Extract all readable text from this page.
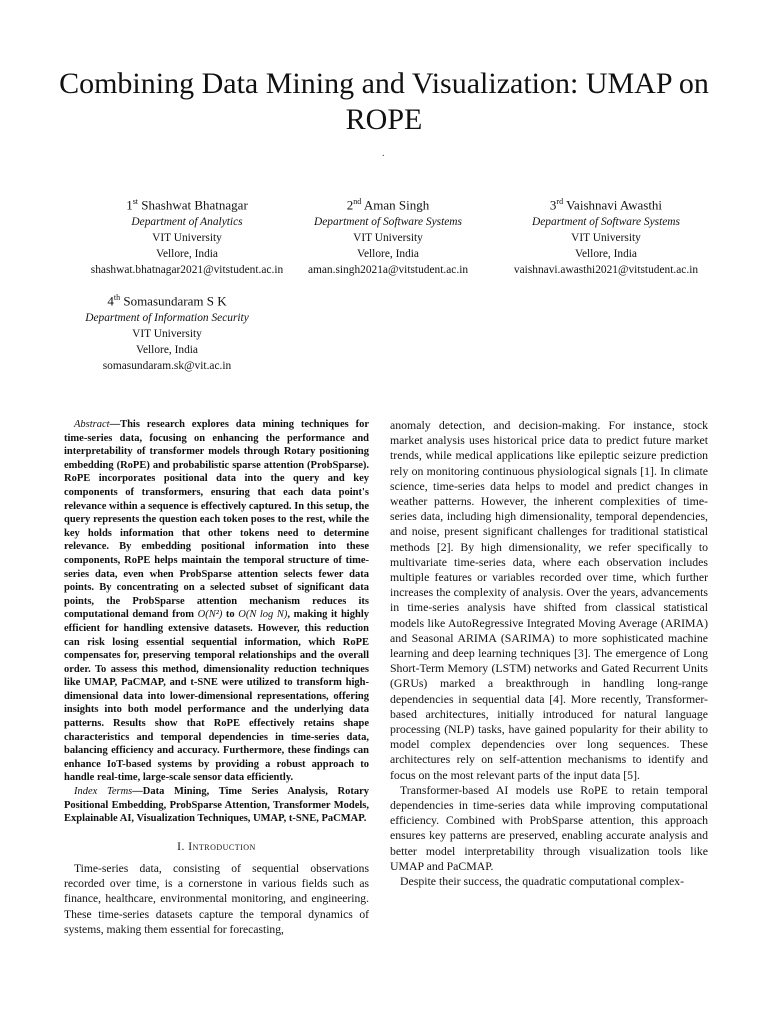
Combining Data Mining and Visualization: UMAP on ROPE
.
1st Shashwat Bhatnagar
Department of Analytics
VIT University
Vellore, India
shashwat.bhatnagar2021@vitstudent.ac.in
2nd Aman Singh
Department of Software Systems
VIT University
Vellore, India
aman.singh2021a@vitstudent.ac.in
3rd Vaishnavi Awasthi
Department of Software Systems
VIT University
Vellore, India
vaishnavi.awasthi2021@vitstudent.ac.in
4th Somasundaram S K
Department of Information Security
VIT University
Vellore, India
somasundaram.sk@vit.ac.in

Abstract—This research explores data mining techniques for time-series data, focusing on enhancing the performance and interpretability of transformer models through Rotary positioning embedding (RoPE) and probabilistic sparse attention (ProbSparse). RoPE incorporates positional data into the query and key components of transformers, ensuring that each data point's relevance within a sequence is effectively captured. In this setup, the query represents the question each token poses to the rest, while the key holds information that other tokens need to determine relevance. By embedding positional information into these components, RoPE helps maintain the temporal structure of time-series data, even when ProbSparse attention selects fewer data points. By concentrating on a selected subset of significant data points, the ProbSparse attention mechanism reduces its computational demand from O(N²) to O(N log N), making it highly efficient for handling extensive datasets. However, this reduction can risk losing essential sequential information, which RoPE compensates for, preserving temporal relationships and the overall order. To assess this method, dimensionality reduction techniques like UMAP, PaCMAP, and t-SNE were utilized to transform high-dimensional data into lower-dimensional representations, offering insights into both model performance and the underlying data patterns. Results show that RoPE effectively retains shape characteristics and temporal dependencies in time-series data, balancing efficiency and accuracy. Furthermore, these findings can enhance IoT-based systems by providing a robust approach to handle real-time, large-scale sensor data efficiently.

Index Terms—Data Mining, Time Series Analysis, Rotary Positional Embedding, ProbSparse Attention, Transformer Models, Explainable AI, Visualization Techniques, UMAP, t-SNE, PaCMAP.

I. Introduction

Time-series data, consisting of sequential observations recorded over time, is a cornerstone in various fields such as finance, healthcare, environmental monitoring, and engineering. These time-series datasets capture the temporal dynamics of systems, making them essential for forecasting,

anomaly detection, and decision-making. For instance, stock market analysis uses historical price data to predict future market trends, while medical applications like epileptic seizure prediction rely on monitoring continuous physiological signals [1]. In climate science, time-series data helps to model and predict changes in weather patterns. However, the inherent complexities of time-series data, including high dimensionality, temporal dependencies, and noise, present significant challenges for traditional statistical methods [2]. By high dimensionality, we refer specifically to multivariate time-series data, where each observation includes multiple features or variables recorded over time, which further increases the complexity of analysis. Over the years, advancements in time-series analysis have shifted from classical statistical models like AutoRegressive Integrated Moving Average (ARIMA) and Seasonal ARIMA (SARIMA) to more sophisticated machine learning and deep learning techniques [3]. The emergence of Long Short-Term Memory (LSTM) networks and Gated Recurrent Units (GRUs) marked a breakthrough in handling long-range dependencies in sequential data [4]. More recently, Transformer-based architectures, initially introduced for natural language processing (NLP) tasks, have gained popularity for their ability to model complex dependencies over long sequences. These architectures rely on self-attention mechanisms to identify and focus on the most relevant parts of the input data [5].

Transformer-based AI models use RoPE to retain temporal dependencies in time-series data while improving computational efficiency. Combined with ProbSparse attention, this approach ensures key patterns are preserved, enabling accurate analysis and better model interpretability through visualization tools like UMAP and PaCMAP.

Despite their success, the quadratic computational complex-
